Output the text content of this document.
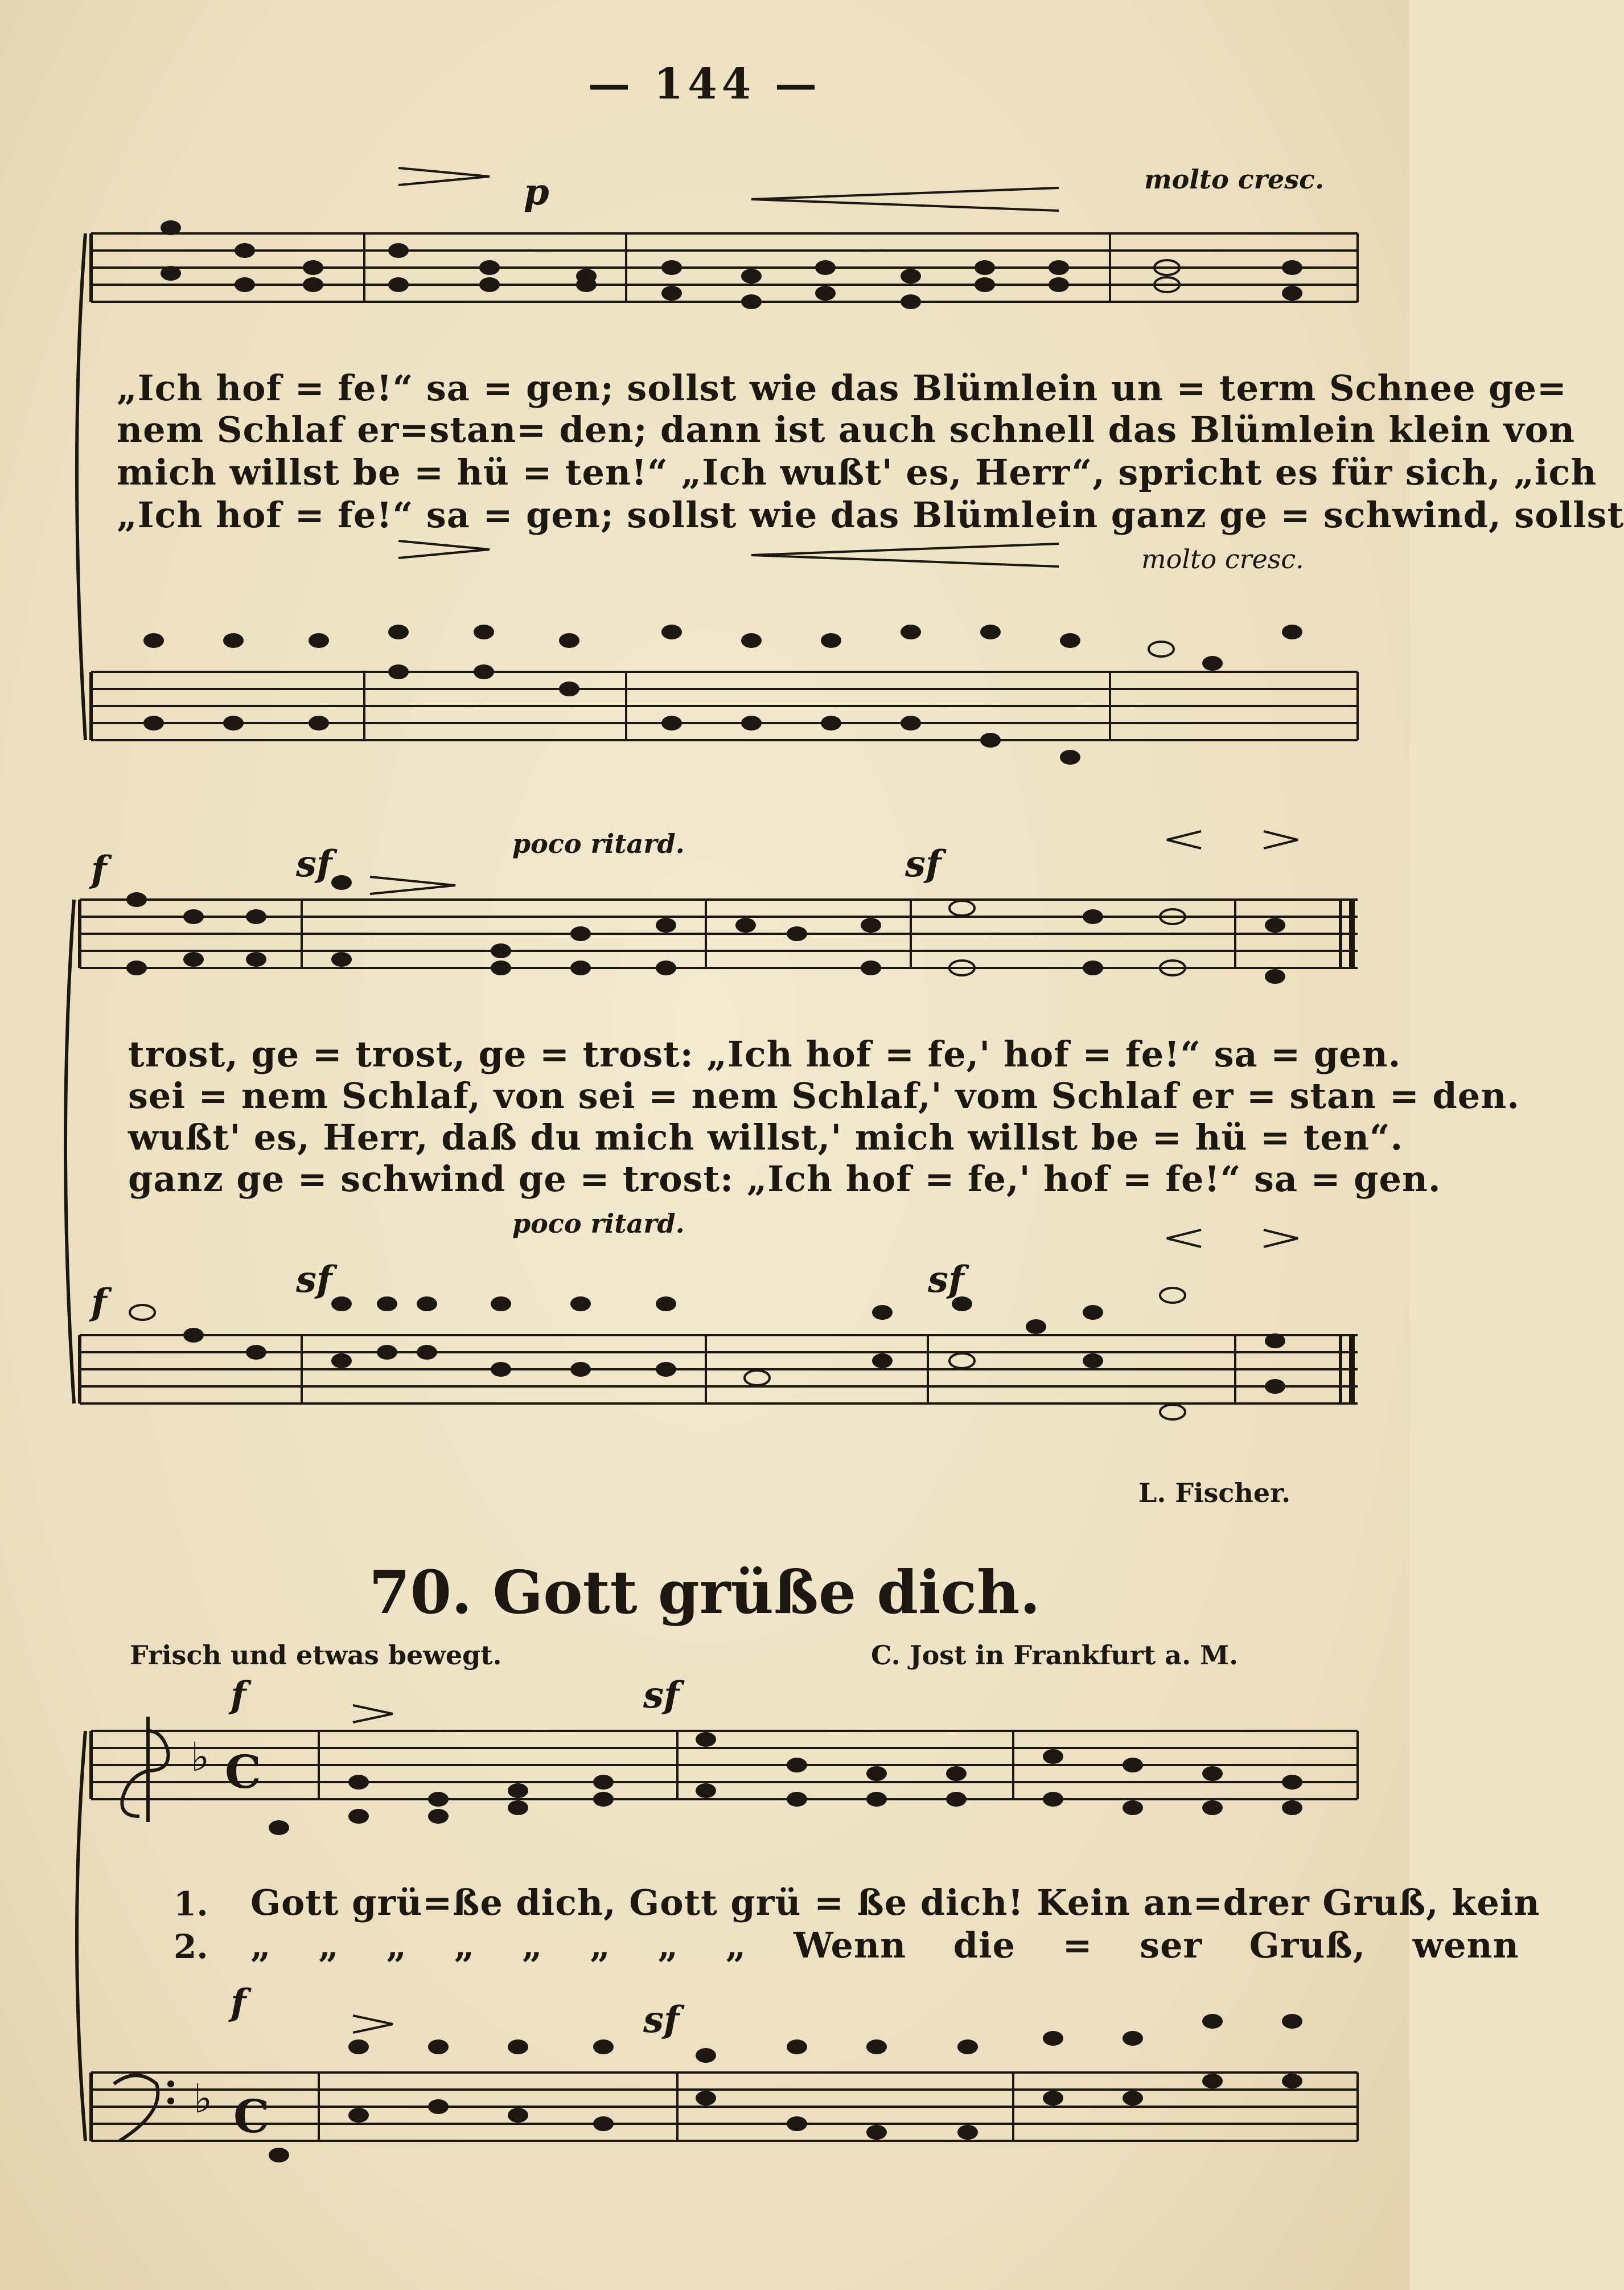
— 144 —
C
C
♭
♭
p	molto cresc.
molto cresc.
„Ich hof = fe!“ sa = gen; sollst wie das Blümlein un = term Schnee ge=
nem Schlaf er=stan= den; dann ist auch schnell das Blümlein klein von
mich willst be = hü = ten!“ „Ich wußt' es, Herr“, spricht es für sich, „ich
„Ich hof = fe!“ sa = gen; sollst wie das Blümlein ganz ge = schwind, sollst
f	sf	sf
poco ritard.
trost, ge = trost, ge = trost: „Ich hof = fe,' hof = fe!“ sa = gen.
sei = nem Schlaf, von sei = nem Schlaf,' vom Schlaf er = stan = den.
wußt' es, Herr, daß du mich willst,' mich willst be = hü = ten“.
ganz ge = schwind ge = trost: „Ich hof = fe,' hof = fe!“ sa = gen.
poco ritard.
f
sf	sf
L. Fischer.
70. Gott grüße dich.
Frisch und etwas bewegt.	C. Jost in Frankfurt a. M.
f	sf
1. Gott grü=ße dich, Gott grü = ße dich! Kein an=drer Gruß, kein
2. „ „ „ „ „ „ „ „ Wenn die = ser Gruß, wenn
f	sf
